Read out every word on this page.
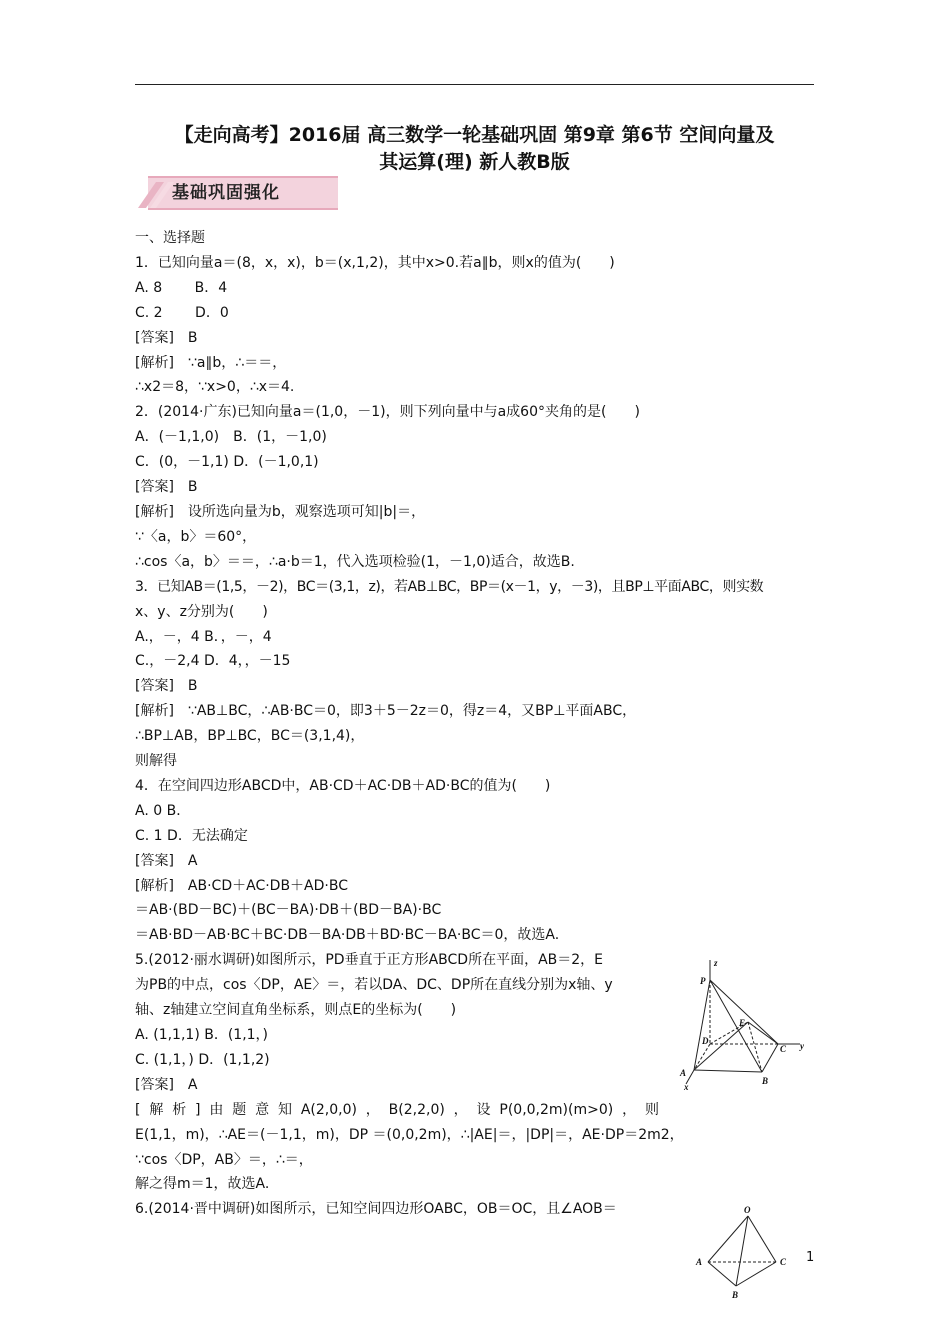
【走向高考】2016届 高三数学一轮基础巩固 第9章 第6节 空间向量及
其运算(理) 新人教B版
基础巩固强化
一、选择题
1．已知向量a＝(8，x，x)，b＝(x,1,2)，其中x>0.若a∥b，则x的值为(　　)
A. 8　　 B．4
C. 2　　 D．0
[答案]　B
[解析]　∵a∥b，∴＝＝，
∴x2＝8，∵x>0，∴x＝4.
2．(2014·广东)已知向量a＝(1,0，－1)，则下列向量中与a成60°夹角的是(　　)
A．(－1,1,0)　B．(1，－1,0)
C．(0，－1,1) D．(－1,0,1)
[答案]　B
[解析]　设所选向量为b，观察选项可知|b|＝，
∵〈a，b〉＝60°，
∴cos〈a，b〉＝＝，∴a·b＝1，代入选项检验(1，－1,0)适合，故选B.
3．已知AB＝(1,5，－2)，BC＝(3,1，z)，若AB⊥BC，BP＝(x－1，y，－3)，且BP⊥平面ABC，则实数
x、y、z分别为(　　)
A.，－，4 B．，－，4
C.，－2,4 D．4，，－15
[答案]　B
[解析]　∵AB⊥BC，∴AB·BC＝0，即3＋5－2z＝0，得z＝4，又BP⊥平面ABC，
∴BP⊥AB，BP⊥BC，BC＝(3,1,4)，
则解得
4．在空间四边形ABCD中，AB·CD＋AC·DB＋AD·BC的值为(　　)
A. 0 B．
C. 1 D．无法确定
[答案]　A
[解析]　AB·CD＋AC·DB＋AD·BC
＝AB·(BD－BC)＋(BC－BA)·DB＋(BD－BA)·BC
＝AB·BD－AB·BC＋BC·DB－BA·DB＋BD·BC－BA·BC＝0，故选A.
5.(2012·丽水调研)如图所示，PD垂直于正方形ABCD所在平面，AB＝2，E
为PB的中点，cos〈DP，AE〉＝，若以DA、DC、DP所在直线分别为x轴、y
轴、z轴建立空间直角坐标系，则点E的坐标为(　　)
A. (1,1,1) B．(1,1，)
C. (1,1，) D．(1,1,2)
[答案]　A
[ 解 析 ] 由 题 意 知 A(2,0,0) ， B(2,2,0) ， 设 P(0,0,2m)(m>0) ， 则
E(1,1，m)，∴AE＝(－1,1，m)，DP ＝(0,0,2m)，∴|AE|＝，|DP|＝，AE·DP＝2m2，
∵cos〈DP，AB〉＝，∴＝，
解之得m＝1，故选A.
6.(2014·晋中调研)如图所示，已知空间四边形OABC，OB＝OC，且∠AOB＝
P
z
E
D
C y
A
x
B
O
A	C
B
1
